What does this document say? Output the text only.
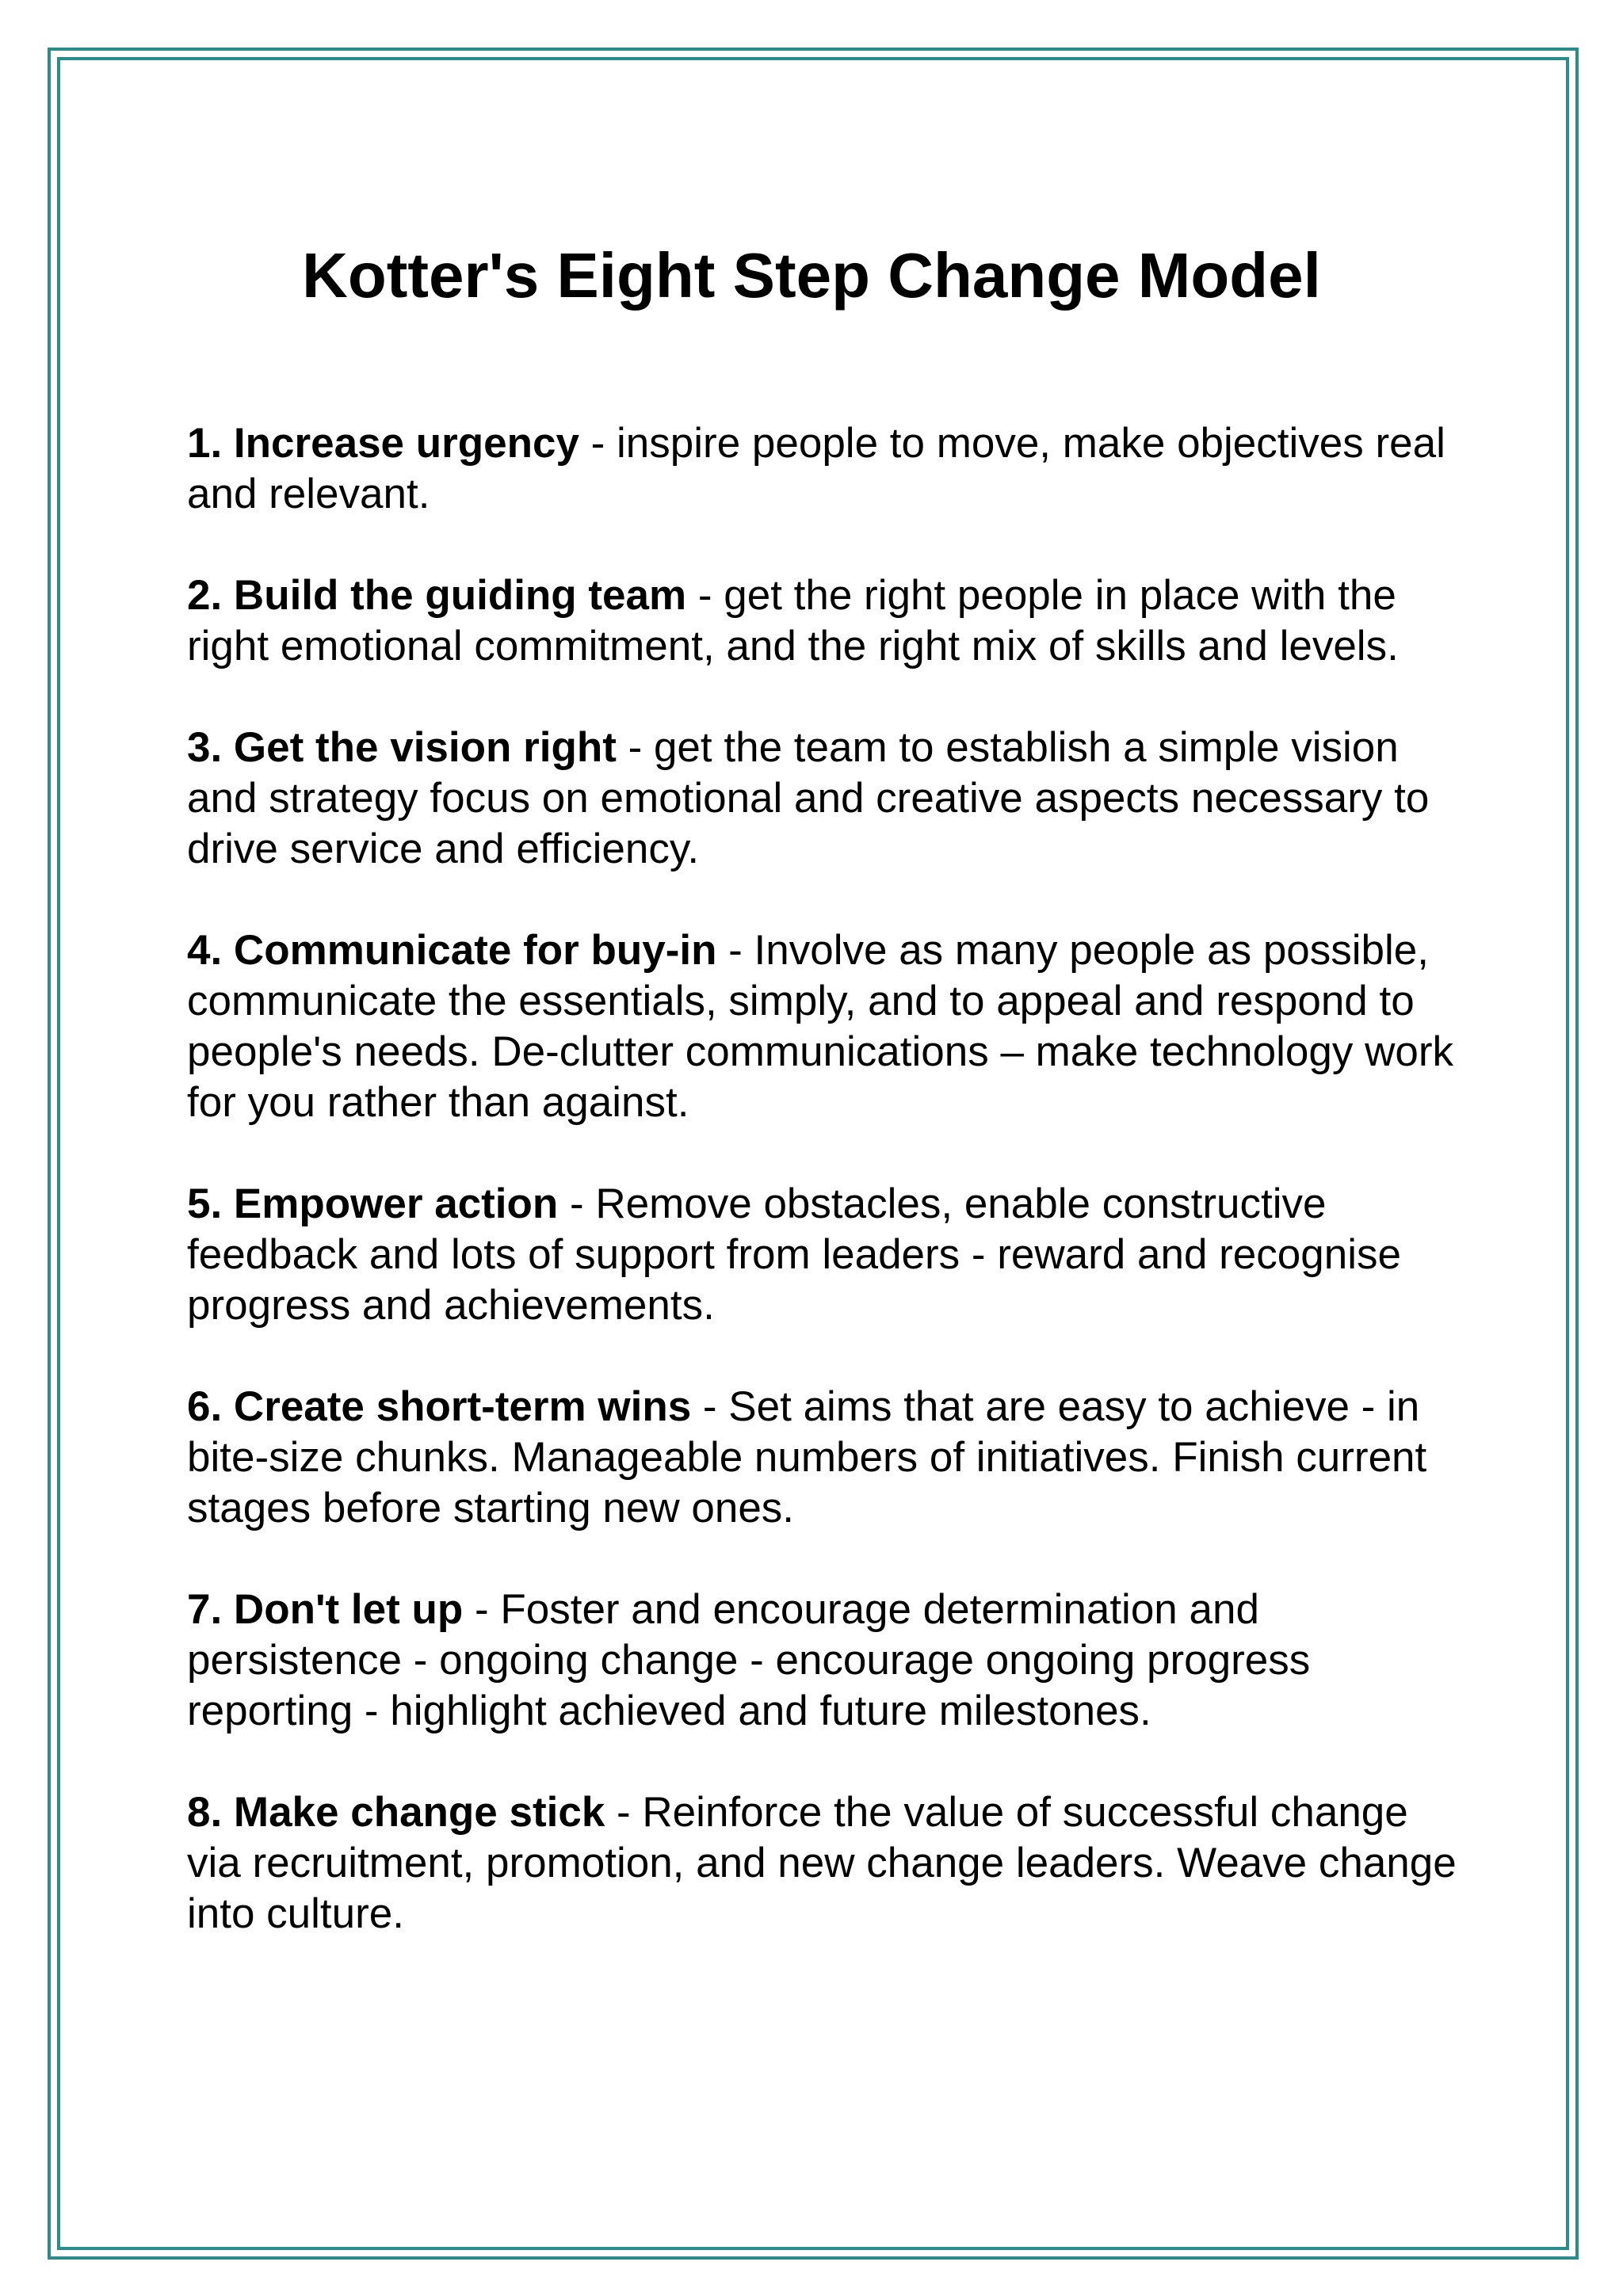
Kotter's Eight Step Change Model
1. Increase urgency - inspire people to move, make objectives real and relevant.
2. Build the guiding team - get the right people in place with the right emotional commitment, and the right mix of skills and levels.
3. Get the vision right - get the team to establish a simple vision and strategy focus on emotional and creative aspects necessary to drive service and efficiency.
4. Communicate for buy-in - Involve as many people as possible, communicate the essentials, simply, and to appeal and respond to people's needs. De-clutter communications – make technology work for you rather than against.
5. Empower action - Remove obstacles, enable constructive feedback and lots of support from leaders - reward and recognise progress and achievements.
6. Create short-term wins - Set aims that are easy to achieve - in bite-size chunks. Manageable numbers of initiatives. Finish current stages before starting new ones.
7. Don't let up - Foster and encourage determination and persistence - ongoing change - encourage ongoing progress reporting - highlight achieved and future milestones.
8. Make change stick - Reinforce the value of successful change via recruitment, promotion, and new change leaders. Weave change into culture.
